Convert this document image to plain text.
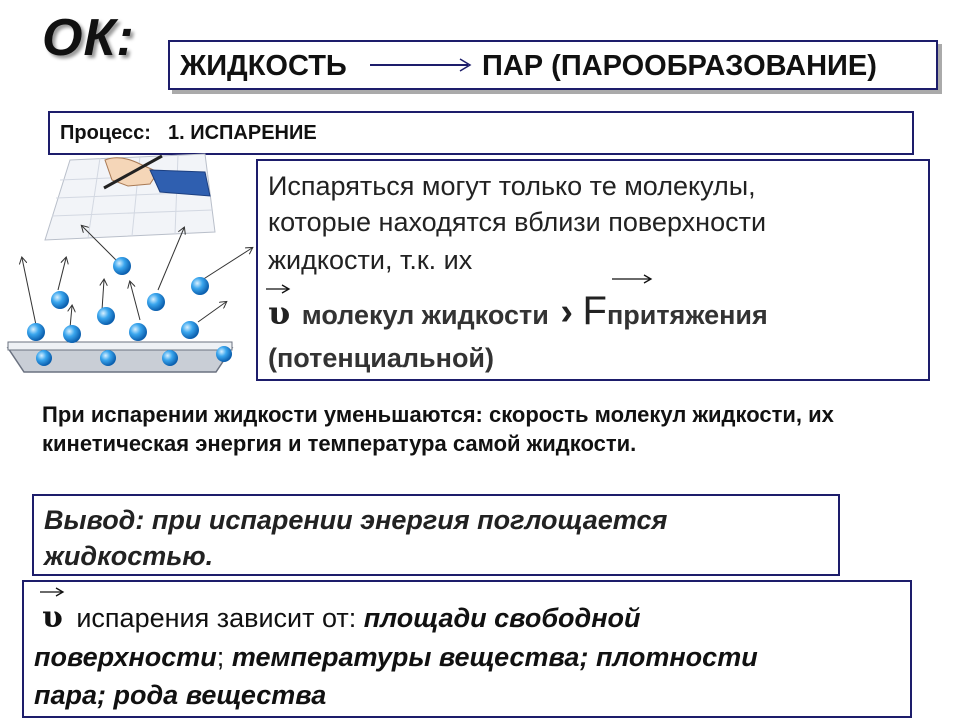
ОК: ЖИДКОСТЬ	ПАР (ПАРООБРАЗОВАНИЕ)
Процесс: 1. ИСПАРЕНИЕ
Испаряться могут только те молекулы,
которые находятся вблизи поверхности
жидкости, т.к. их
υ молекул жидкости › Fпритяжения
(потенциальной)
При испарении жидкости уменьшаются: скорость молекул жидкости, их кинетическая энергия и температура самой жидкости.
Вывод: при испарении энергия поглощается жидкостью.
υ испарения зависит от: площади свободной
поверхности; температуры вещества; плотности
пара; рода вещества
